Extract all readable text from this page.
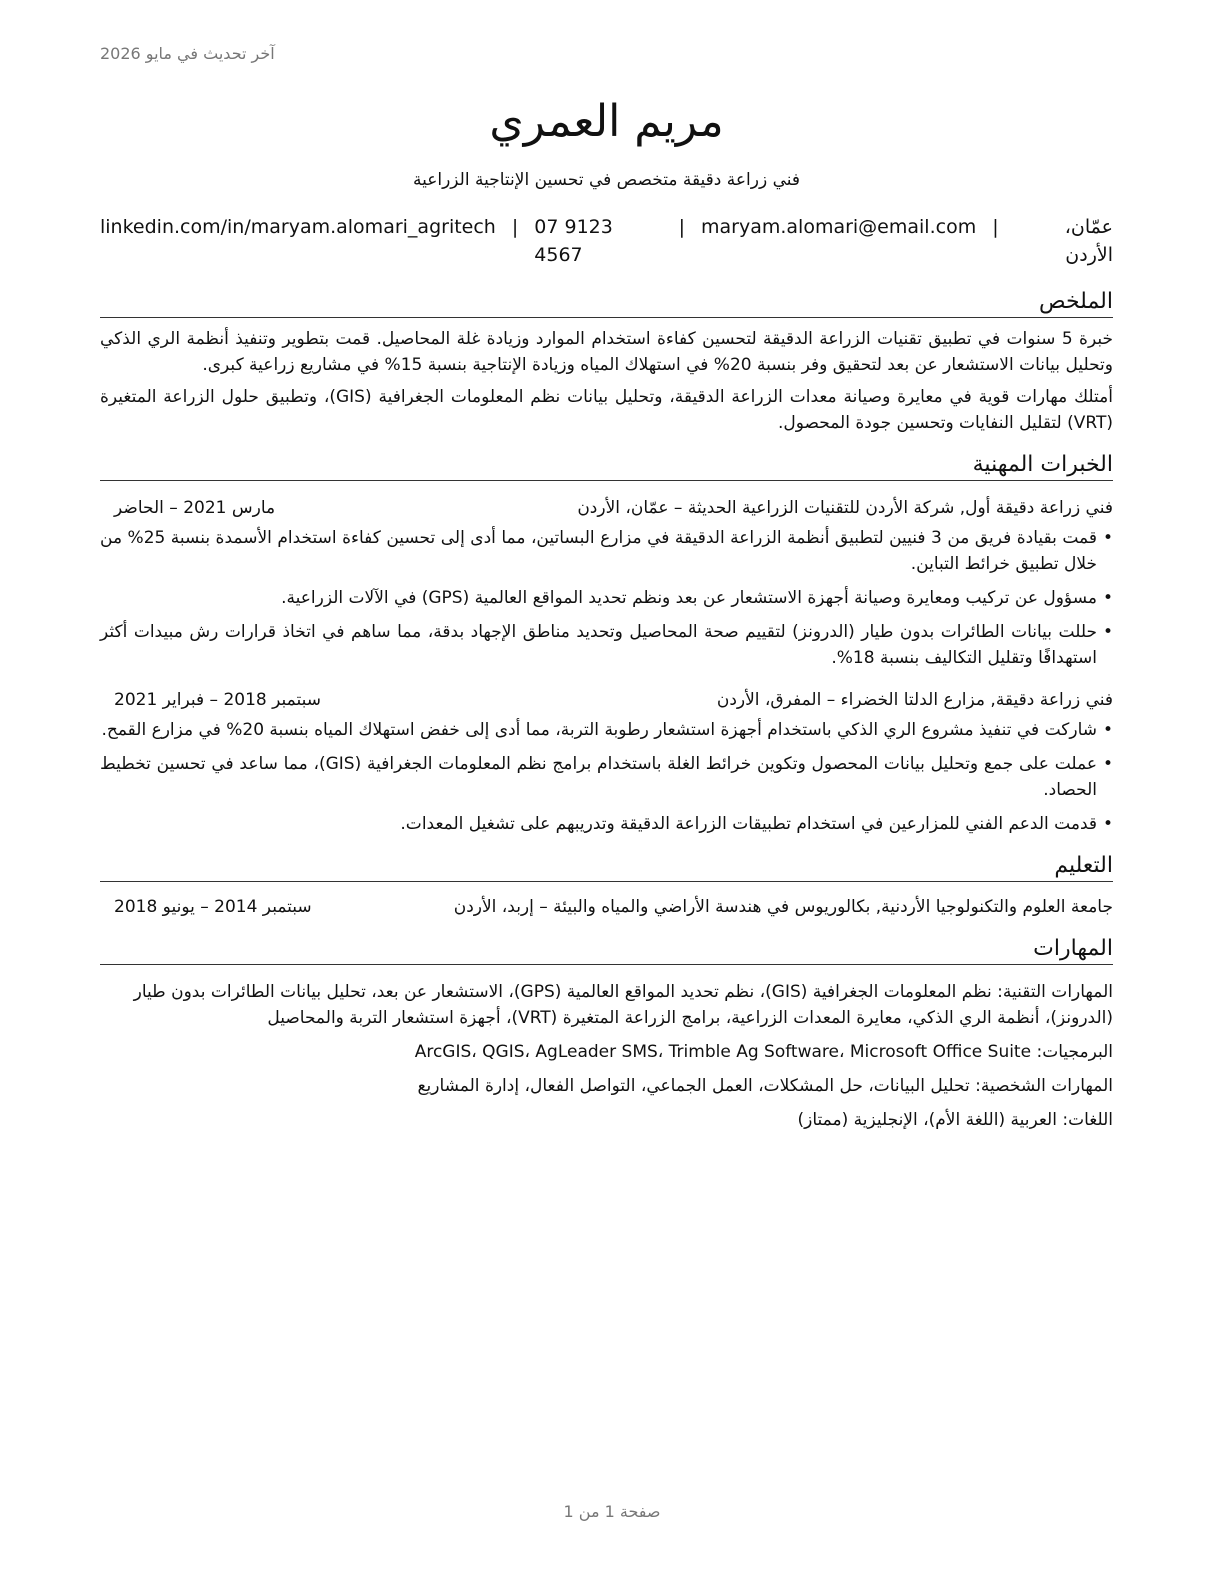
آخر تحديث في مايو 2026
مريم العمري
فني زراعة دقيقة متخصص في تحسين الإنتاجية الزراعية
عمّان، الأردن
|
maryam.alomari@email.com
|
07 9123 4567
|
linkedin.com/in/maryam.alomari_agritech
الملخص
خبرة 5 سنوات في تطبيق تقنيات الزراعة الدقيقة لتحسين كفاءة استخدام الموارد وزيادة غلة المحاصيل. قمت بتطوير وتنفيذ أنظمة الري الذكي وتحليل بيانات الاستشعار عن بعد لتحقيق وفر بنسبة 20% في استهلاك المياه وزيادة الإنتاجية بنسبة 15% في مشاريع زراعية كبرى.
أمتلك مهارات قوية في معايرة وصيانة معدات الزراعة الدقيقة، وتحليل بيانات نظم المعلومات الجغرافية (GIS)، وتطبيق حلول الزراعة المتغيرة (VRT) لتقليل النفايات وتحسين جودة المحصول.
الخبرات المهنية
فني زراعة دقيقة أول, شركة الأردن للتقنيات الزراعية الحديثة – عمّان، الأردن
مارس 2021 – الحاضر
• قمت بقيادة فريق من 3 فنيين لتطبيق أنظمة الزراعة الدقيقة في مزارع البساتين، مما أدى إلى تحسين كفاءة استخدام الأسمدة بنسبة 25% من خلال تطبيق خرائط التباين.
• مسؤول عن تركيب ومعايرة وصيانة أجهزة الاستشعار عن بعد ونظم تحديد المواقع العالمية (GPS) في الآلات الزراعية.
• حللت بيانات الطائرات بدون طيار (الدرونز) لتقييم صحة المحاصيل وتحديد مناطق الإجهاد بدقة، مما ساهم في اتخاذ قرارات رش مبيدات أكثر استهدافًا وتقليل التكاليف بنسبة 18%.
فني زراعة دقيقة, مزارع الدلتا الخضراء – المفرق، الأردن
سبتمبر 2018 – فبراير 2021
• شاركت في تنفيذ مشروع الري الذكي باستخدام أجهزة استشعار رطوبة التربة، مما أدى إلى خفض استهلاك المياه بنسبة 20% في مزارع القمح.
• عملت على جمع وتحليل بيانات المحصول وتكوين خرائط الغلة باستخدام برامج نظم المعلومات الجغرافية (GIS)، مما ساعد في تحسين تخطيط الحصاد.
• قدمت الدعم الفني للمزارعين في استخدام تطبيقات الزراعة الدقيقة وتدريبهم على تشغيل المعدات.
التعليم
جامعة العلوم والتكنولوجيا الأردنية, بكالوريوس في هندسة الأراضي والمياه والبيئة – إربد، الأردن
سبتمبر 2014 – يونيو 2018
المهارات
المهارات التقنية: نظم المعلومات الجغرافية (GIS)، نظم تحديد المواقع العالمية (GPS)، الاستشعار عن بعد، تحليل بيانات الطائرات بدون طيار (الدرونز)، أنظمة الري الذكي، معايرة المعدات الزراعية، برامج الزراعة المتغيرة (VRT)، أجهزة استشعار التربة والمحاصيل
البرمجيات: ArcGIS، QGIS، AgLeader SMS، Trimble Ag Software، Microsoft Office Suite
المهارات الشخصية: تحليل البيانات، حل المشكلات، العمل الجماعي، التواصل الفعال، إدارة المشاريع
اللغات: العربية (اللغة الأم)، الإنجليزية (ممتاز)
صفحة 1 من 1
